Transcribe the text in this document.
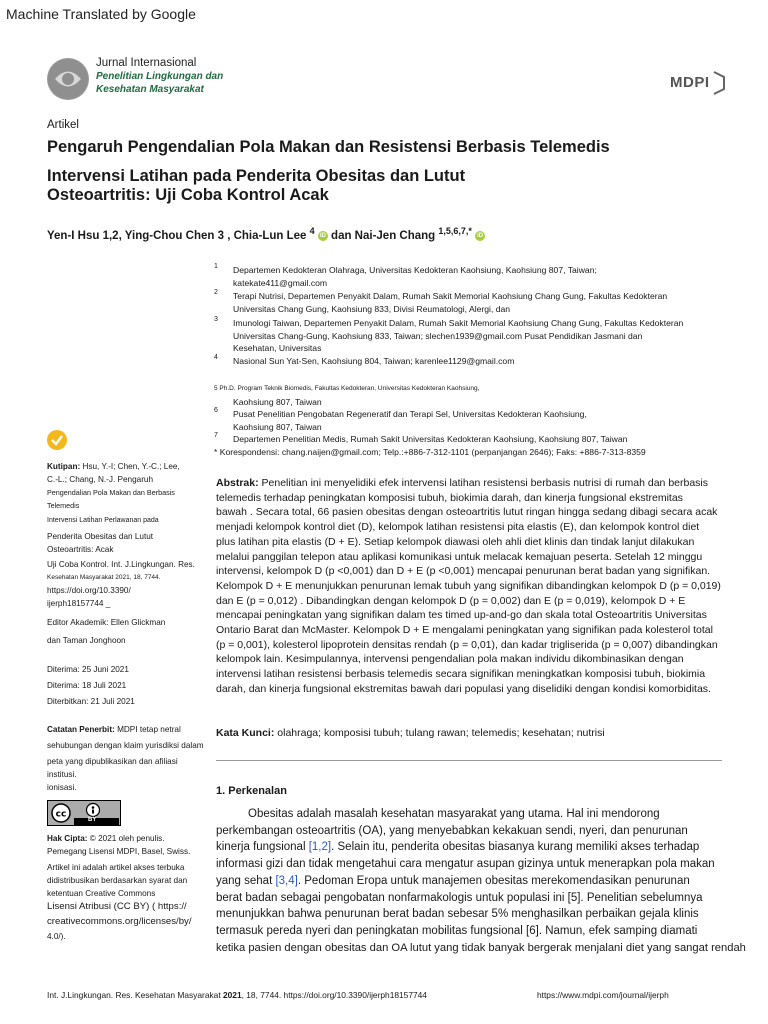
Machine Translated by Google
Jurnal Internasional
Penelitian Lingkungan dan
Kesehatan Masyarakat	MDPI
Artikel
Pengaruh Pengendalian Pola Makan dan Resistensi Berbasis Telemedis
Intervensi Latihan pada Penderita Obesitas dan Lutut
Osteoartritis: Uji Coba Kontrol Acak
Yen-I Hsu 1,2, Ying-Chou Chen 3 , Chia-Lun Lee $^4$ iD dan Nai-Jen Chang $^{1,5,6,7,*}$ iD
1 Departemen Kedokteran Olahraga, Universitas Kedokteran Kaohsiung, Kaohsiung 807, Taiwan;
katekate411@gmail.com
2 Terapi Nutrisi, Departemen Penyakit Dalam, Rumah Sakit Memorial Kaohsiung Chang Gung, Fakultas Kedokteran
Universitas Chang Gung, Kaohsiung 833, Divisi Reumatologi, Alergi, dan
3 Imunologi Taiwan, Departemen Penyakit Dalam, Rumah Sakit Memorial Kaohsiung Chang Gung, Fakultas Kedokteran
Universitas Chang-Gung, Kaohsiung 833, Taiwan; slechen1939@gmail.com Pusat Pendidikan Jasmani dan
Kesehatan, Universitas
4 Nasional Sun Yat-Sen, Kaohsiung 804, Taiwan; karenlee1129@gmail.com
5 Ph.D. Program Teknik Biomedis, Fakultas Kedokteran, Universitas Kedokteran Kaohsiung,
Kaohsiung 807, Taiwan
6 Pusat Penelitian Pengobatan Regeneratif dan Terapi Sel, Universitas Kedokteran Kaohsiung,
Kaohsiung 807, Taiwan
7 Departemen Penelitian Medis, Rumah Sakit Universitas Kedokteran Kaohsiung, Kaohsiung 807, Taiwan
* Korespondensi: chang.naijen@gmail.com; Telp.:+886-7-312-1101 (perpanjangan 2646); Faks: +886-7-313-8359
Kutipan: Hsu, Y.-I; Chen, Y.-C.; Lee,
C.-L.; Chang, N.-J. Pengaruh
Pengendalian Pola Makan dan Berbasis Telemedis
Intervensi Latihan Perlawanan pada
Penderita Obesitas dan Lutut
Osteoartritis: Acak
Uji Coba Kontrol. Int. J.Lingkungan. Res.
Kesehatan Masyarakat 2021, 18, 7744.
https://doi.org/10.3390/
ijerph18157744 _
Editor Akademik: Ellen Glickman
dan Taman Jonghoon
Diterima: 25 Juni 2021
Diterima: 18 Juli 2021
Diterbitkan: 21 Juli 2021
Catatan Penerbit: MDPI tetap netral
sehubungan dengan klaim yurisdiksi dalam
peta yang dipublikasikan dan afiliasi institusi.
ionisasi.
cc
BY
Hak Cipta: © 2021 oleh penulis.
Pemegang Lisensi MDPI, Basel, Swiss.
Artikel ini adalah artikel akses terbuka
didistribusikan berdasarkan syarat dan
ketentuan Creative Commons
Lisensi Atribusi (CC BY) ( https://
creativecommons.org/licenses/by/
4.0/).
Abstrak: Penelitian ini menyelidiki efek intervensi latihan resistensi berbasis nutrisi di rumah dan berbasis
telemedis terhadap peningkatan komposisi tubuh, biokimia darah, dan kinerja fungsional ekstremitas
bawah . Secara total, 66 pasien obesitas dengan osteoartritis lutut ringan hingga sedang dibagi secara acak
menjadi kelompok kontrol diet (D), kelompok latihan resistensi pita elastis (E), dan kelompok kontrol diet
plus latihan pita elastis (D + E). Setiap kelompok diawasi oleh ahli diet klinis dan tindak lanjut dilakukan
melalui panggilan telepon atau aplikasi komunikasi untuk melacak kemajuan peserta. Setelah 12 minggu
intervensi, kelompok D (p <0,001) dan D + E (p <0,001) mencapai penurunan berat badan yang signifikan.
Kelompok D + E menunjukkan penurunan lemak tubuh yang signifikan dibandingkan kelompok D (p = 0,019)
dan E (p = 0,012) . Dibandingkan dengan kelompok D (p = 0,002) dan E (p = 0,019), kelompok D + E
mencapai peningkatan yang signifikan dalam tes timed up-and-go dan skala total Osteoartritis Universitas
Ontario Barat dan McMaster. Kelompok D + E mengalami peningkatan yang signifikan pada kolesterol total
(p = 0,001), kolesterol lipoprotein densitas rendah (p = 0,01), dan kadar trigliserida (p = 0,007) dibandingkan
kelompok lain. Kesimpulannya, intervensi pengendalian pola makan individu dikombinasikan dengan
intervensi latihan resistensi berbasis telemedis secara signifikan meningkatkan komposisi tubuh, biokimia
darah, dan kinerja fungsional ekstremitas bawah dari populasi yang diselidiki dengan kondisi komorbiditas.
Kata Kunci: olahraga; komposisi tubuh; tulang rawan; telemedis; kesehatan; nutrisi
1. Perkenalan

Obesitas adalah masalah kesehatan masyarakat yang utama. Hal ini mendorong

perkembangan osteoartritis (OA), yang menyebabkan kekakuan sendi, nyeri, dan penurunan
kinerja fungsional [1,2]. Selain itu, penderita obesitas biasanya kurang memiliki akses terhadap
informasi gizi dan tidak mengetahui cara mengatur asupan gizinya untuk menerapkan pola makan
yang sehat [3,4]. Pedoman Eropa untuk manajemen obesitas merekomendasikan penurunan
berat badan sebagai pengobatan nonfarmakologis untuk populasi ini [5]. Penelitian sebelumnya
menunjukkan bahwa penurunan berat badan sebesar 5% menghasilkan perbaikan gejala klinis
termasuk pereda nyeri dan peningkatan mobilitas fungsional [6]. Namun, efek samping diamati
ketika pasien dengan obesitas dan OA lutut yang tidak banyak bergerak menjalani diet yang sangat rendah
Int. J.Lingkungan. Res. Kesehatan Masyarakat 2021, 18, 7744. https://doi.org/10.3390/ijerph18157744	https://www.mdpi.com/journal/ijerph
